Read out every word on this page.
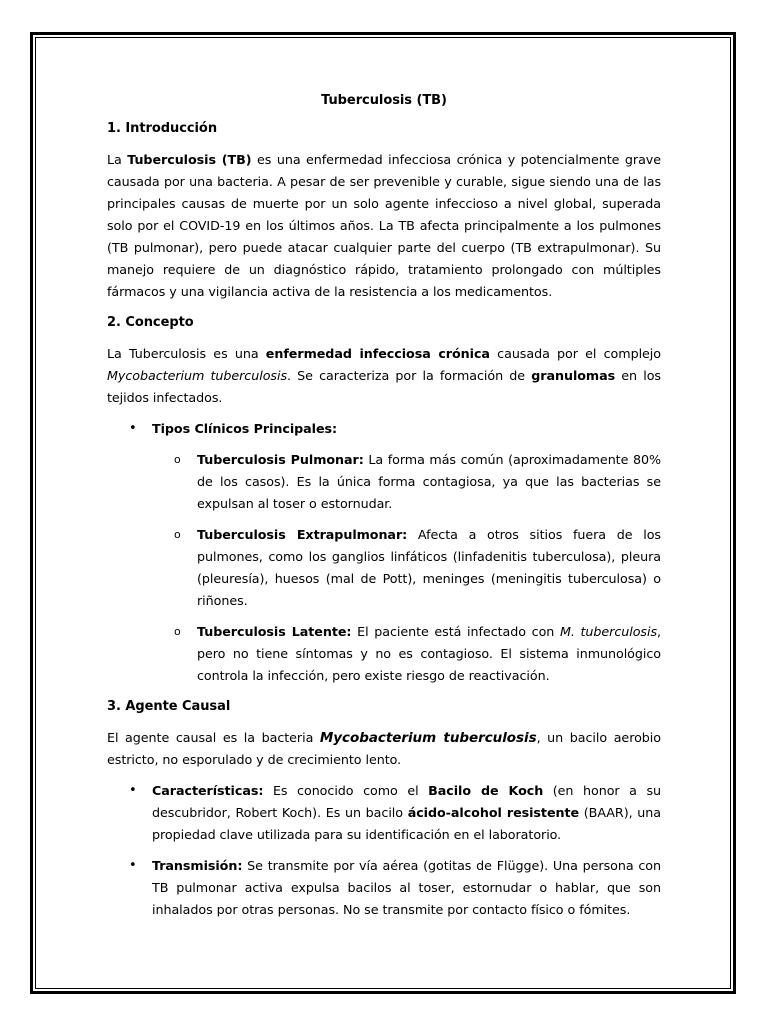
Tuberculosis (TB)
1. Introducción

La Tuberculosis (TB) es una enfermedad infecciosa crónica y potencialmente grave causada por una bacteria. A pesar de ser prevenible y curable, sigue siendo una de las principales causas de muerte por un solo agente infeccioso a nivel global, superada solo por el COVID-19 en los últimos años. La TB afecta principalmente a los pulmones (TB pulmonar), pero puede atacar cualquier parte del cuerpo (TB extrapulmonar). Su manejo requiere de un diagnóstico rápido, tratamiento prolongado con múltiples fármacos y una vigilancia activa de la resistencia a los medicamentos.

2. Concepto

La Tuberculosis es una enfermedad infecciosa crónica causada por el complejo Mycobacterium tuberculosis. Se caracteriza por la formación de granulomas en los tejidos infectados.

• Tipos Clínicos Principales:
o Tuberculosis Pulmonar: La forma más común (aproximadamente 80% de los casos). Es la única forma contagiosa, ya que las bacterias se expulsan al toser o estornudar.
o Tuberculosis Extrapulmonar: Afecta a otros sitios fuera de los pulmones, como los ganglios linfáticos (linfadenitis tuberculosa), pleura (pleuresía), huesos (mal de Pott), meninges (meningitis tuberculosa) o riñones.
o Tuberculosis Latente: El paciente está infectado con M. tuberculosis, pero no tiene síntomas y no es contagioso. El sistema inmunológico controla la infección, pero existe riesgo de reactivación.
3. Agente Causal

El agente causal es la bacteria Mycobacterium tuberculosis, un bacilo aerobio estricto, no esporulado y de crecimiento lento.

• Características: Es conocido como el Bacilo de Koch (en honor a su descubridor, Robert Koch). Es un bacilo ácido-alcohol resistente (BAAR), una propiedad clave utilizada para su identificación en el laboratorio.
• Transmisión: Se transmite por vía aérea (gotitas de Flügge). Una persona con TB pulmonar activa expulsa bacilos al toser, estornudar o hablar, que son inhalados por otras personas. No se transmite por contacto físico o fómites.
